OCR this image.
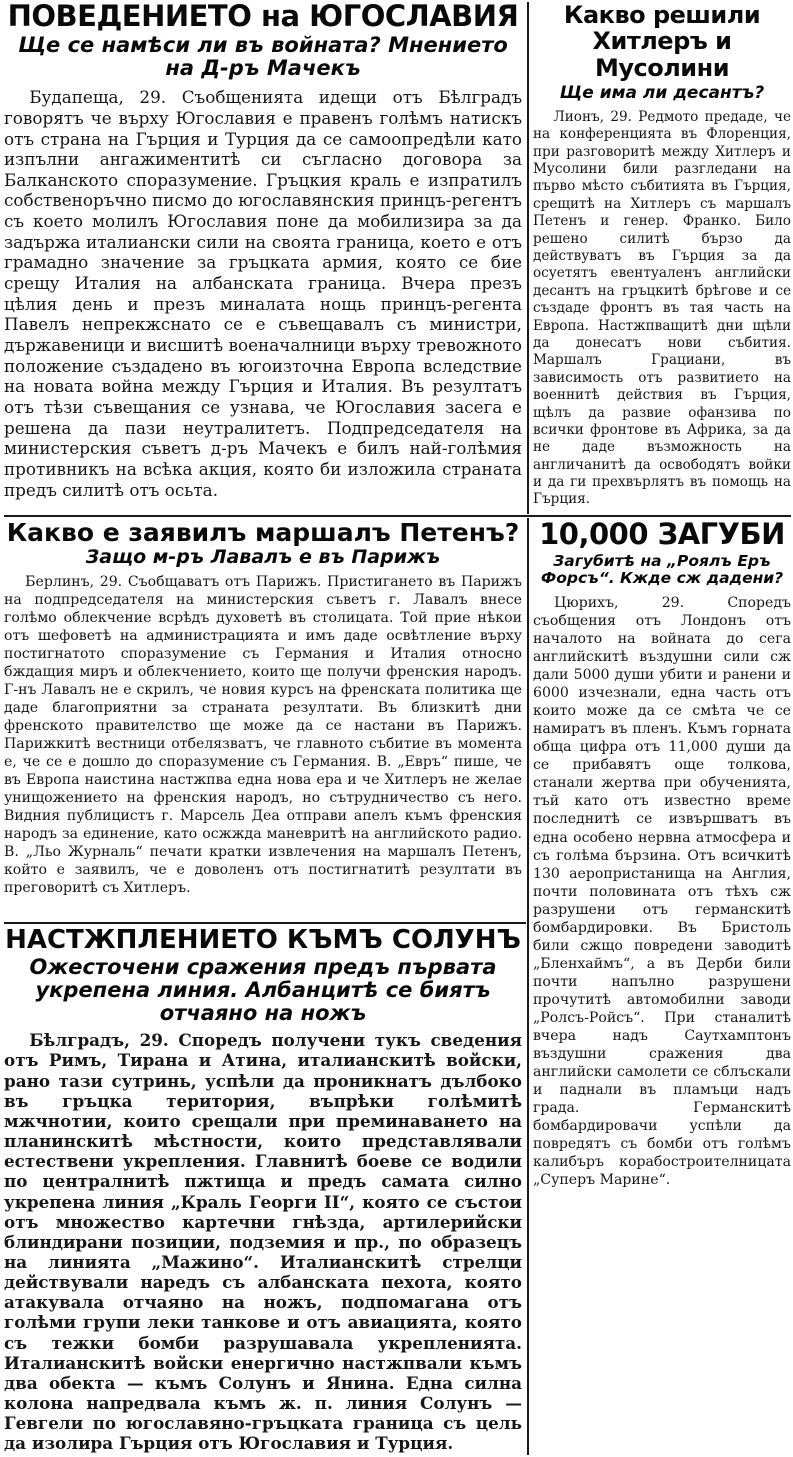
ПОВЕДЕНИЕТО на ЮГОСЛАВИЯ
Ще се намѣси ли въ войната? Мнението на Д-ръ Мачекъ

Будапеща, 29. Съобщенията идещи отъ Бѣлградъ говорятъ че върху Югославия е правенъ голѣмъ натискъ отъ страна на Гърция и Турция да се самоопредѣли като изпълни ангажиментитѣ си съгласно договора за Балканското споразумение. Гръцкия краль е изпратилъ собственоръчно писмо до югославянския принцъ-регентъ съ което молилъ Югославия поне да мобилизира за да задържа италиански сили на своята граница, което е отъ грамадно значение за гръцката армия, която се бие срещу Италия на албанската граница. Вчера презъ цѣлия день и презъ миналата нощь принцъ-регента Павелъ непрекжснато се е съвещавалъ съ министри, държавеници и висшитѣ военачалници върху тревожното положение създадено въ югоизточна Европа вследствие на новата война между Гърция и Италия. Въ резултатъ отъ тѣзи съвещания се узнава, че Югославия засега е решена да пази неутралитетъ. Подпредседателя на министерския съветъ д-ръ Мачекъ е билъ най-голѣмия противникъ на всѣка акция, която би изложила страната предъ силитѣ отъ осьта.

Какво решили Хитлеръ и Мусолини
Ще има ли десантъ?

Лионъ, 29. Редмото предаде, че на конференцията въ Флоренция, при разговоритѣ между Хитлеръ и Мусолини били разгледани на първо мѣсто събитията въ Гърция, срещитѣ на Хитлеръ съ маршалъ Петенъ и генер. Франко. Било решено силитѣ бързо да действуватъ въ Гърция за да осуетятъ евентуаленъ английски десантъ на гръцкитѣ брѣгове и се създаде фронтъ въ тая часть на Европа. Настжпващитѣ дни щѣли да донесатъ нови събития. Маршалъ Грациани, въ зависимость отъ развитието на военнитѣ действия въ Гърция, щѣлъ да развие офанзива по всички фронтове въ Африка, за да не даде възможность на англичанитѣ да освободятъ войки и да ги прехвърлятъ въ помощь на Гърция.

Какво е заявилъ маршалъ Петенъ?
Защо м-ръ Лавалъ е въ Парижъ

Берлинъ, 29. Съобщаватъ отъ Парижъ. Пристигането въ Парижъ на подпредседателя на министерския съветъ г. Лавалъ внесе голѣмо облекчение всрѣдъ духоветѣ въ столицата. Той прие нѣкои отъ шефоветѣ на администрацията и имъ даде освѣтление върху постигнатото споразумение съ Германия и Италия относно бждащия миръ и облекчението, които ще получи френския народъ. Г-нъ Лавалъ не е скрилъ, че новия курсъ на френската политика ще даде благоприятни за страната резултати. Въ близкитѣ дни френското правителство ще може да се настани въ Парижъ. Парижкитѣ вестници отбелязватъ, че главното събитие въ момента е, че се е дошло до споразумение съ Германия. В. „Евръ“ пише, че въ Европа наистина настжпва една нова ера и че Хитлеръ не желае унищожението на френския народъ, но сътрудничество съ него. Видния публицистъ г. Марсель Деа отправи апелъ къмъ френския народъ за единение, като осжжда маневритѣ на английското радио. В. „Льо Журналь“ печати кратки извлечения на маршалъ Петенъ, който е заявилъ, че е доволенъ отъ постигнатитѣ резултати въ преговоритѣ съ Хитлеръ.

10,000 ЗАГУБИ
Загубитѣ на „Роялъ Еръ Форсъ“. Кжде сж дадени?

Цюрихъ, 29. Споредъ съобщения отъ Лондонъ отъ началото на войната до сега английскитѣ въздушни сили сж дали 5000 души убити и ранени и 6000 изчезнали, една часть отъ които може да се смѣта че се намиратъ въ пленъ. Къмъ горната обща цифра отъ 11,000 души да се прибавятъ още толкова, станали жертва при обученията, тъй като отъ известно време последнитѣ се извършватъ въ една особено нервна атмосфера и съ голѣма бързина. Отъ всичкитѣ 130 аеропристанища на Англия, почти половината отъ тѣхъ сж разрушени отъ германскитѣ бомбардировки. Въ Бристоль били сжщо повредени заводитѣ „Бленхаймъ“, а въ Дерби били почти напълно разрушени прочутитѣ автомобилни заводи „Ролсъ-Ройсъ“. При станалитѣ вчера надъ Саутхамптонъ въздушни сражения два английски самолети се сблъскали и паднали въ пламъци надъ града. Германскитѣ бомбардировачи успѣли да повредятъ съ бомби отъ голѣмъ калибъръ корабостроителницата „Суперъ Марине“.

НАСТЖПЛЕНИЕТО КЪМЪ СОЛУНЪ
Ожесточени сражения предъ първата укрепена линия. Албанцитѣ се биятъ отчаяно на ножъ

Бѣлградъ, 29. Споредъ получени тукъ сведения отъ Римъ, Тирана и Атина, италианскитѣ войски, рано тази сутринь, успѣли да проникнатъ дълбоко въ гръцка територия, въпрѣки голѣмитѣ мжчнотии, които срещали при преминаването на планинскитѣ мѣстности, които представлявали естествени укрепления. Главнитѣ боеве се водили по централнитѣ пжтища и предъ самата силно укрепена линия „Краль Георги II“, която се състои отъ множество картечни гнѣзда, артилерийски блиндирани позиции, подземия и пр., по образецъ на линията „Мажино“. Италианскитѣ стрелци действували наредъ съ албанската пехота, която атакувала отчаяно на ножъ, подпомагана отъ голѣми групи леки танкове и отъ авиацията, която съ тежки бомби разрушавала укрепленията. Италианскитѣ войски енергично настжпвали къмъ два обекта — къмъ Солунъ и Янина. Една силна колона напредвала къмъ ж. п. линия Солунъ — Гевгели по югославяно-гръцката граница съ цель да изолира Гърция отъ Югославия и Турция.
